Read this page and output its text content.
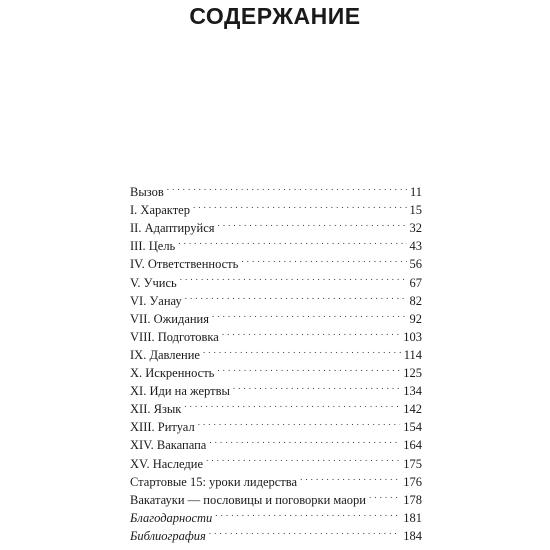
СОДЕРЖАНИЕ
Вызов . . .	11
I. Характер . . .	15
II. Адаптируйся . . .	32
III. Цель . . .	43
IV. Ответственность . . .	56
V. Учись . . .	67
VI. Уанау . . .	82
VII. Ожидания . . .	92
VIII. Подготовка . . .	103
IX. Давление . . .	114
X. Искренность . . .	125
XI. Иди на жертвы . . .	134
XII. Язык . . .	142
XIII. Ритуал . . .	154
XIV. Вакапапа . . .	164
XV. Наследие . . .	175
Стартовые 15: уроки лидерства . . .	176
Вакатауки — пословицы и поговорки маори . . .	178
Благодарности . . .	181
Библиография . . .	184
